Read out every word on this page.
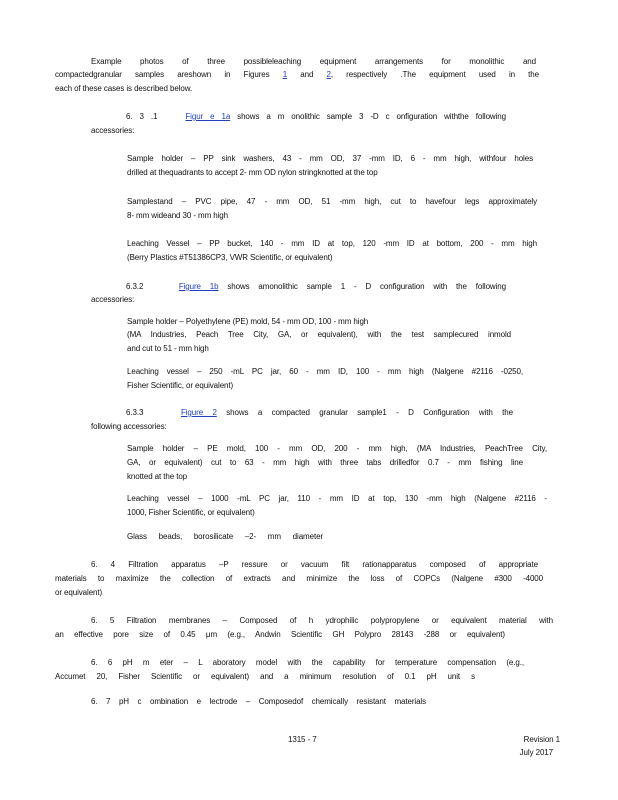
Example photos of three possibleleaching equipment arrangements for monolithic and
compactedgranular samples areshown in Figures 1 and 2, respectively .The equipment used in the
each of these cases is described below.
6. 3 .1	Figur e 1a shows a m onolithic sample 3 -D c onfiguration withthe following
accessories:
Sample holder – PP sink washers, 43 - mm OD, 37 -mm ID, 6 - mm high, withfour holes
drilled at thequadrants to accept 2- mm OD nylon stringknotted at the top
Samplestand – PVC pipe, 47 - mm OD, 51 -mm high, cut to havefour legs approximately
8- mm wideand 30 - mm high
Leaching Vessel – PP bucket, 140 - mm ID at top, 120 -mm ID at bottom, 200 - mm high
(Berry Plastics #T51386CP3, VWR Scientific, or equivalent)
6.3.2	Figure 1b shows amonolithic sample 1 - D configuration with the following
accessories:
Sample holder – Polyethylene (PE) mold, 54 - mm OD, 100 - mm high
(MA Industries, Peach Tree City, GA, or equivalent), with the test samplecured inmold
and cut to 51 - mm high
Leaching vessel – 250 -mL PC jar, 60 - mm ID, 100 - mm high (Nalgene #2116 -0250,
Fisher Scientific, or equivalent)
6.3.3	Figure 2 shows a compacted granular sample1 - D Configuration with the
following accessories:
Sample holder – PE mold, 100 - mm OD, 200 - mm high, (MA Industries, PeachTree City,
GA, or equivalent) cut to 63 - mm high with three tabs drilledfor 0.7 - mm fishing line
knotted at the top
Leaching vessel – 1000 -mL PC jar, 110 - mm ID at top, 130 -mm high (Nalgene #2116 -
1000, Fisher Scientific, or equivalent)
Glass beads, borosilicate –2- mm diameter
6. 4 Filtration apparatus –P ressure or vacuum filt rationapparatus composed of appropriate
materials to maximize the collection of extracts and minimize the loss of COPCs (Nalgene #300 -4000
or equivalent)
6. 5 Filtration membranes – Composed of h ydrophilic polypropylene or equivalent material with
an effective pore size of 0.45 μm (e.g., Andwin Scientific GH Polypro 28143 -288 or equivalent)
6. 6 pH m eter – L aboratory model with the capability for temperature compensation (e.g.,
Accumet 20, Fisher Scientific or equivalent) and a minimum resolution of 0.1 pH unit s
6. 7 pH c ombination e lectrode – Composedof chemically resistant materials
1315 - 7	Revision 1
July 2017
